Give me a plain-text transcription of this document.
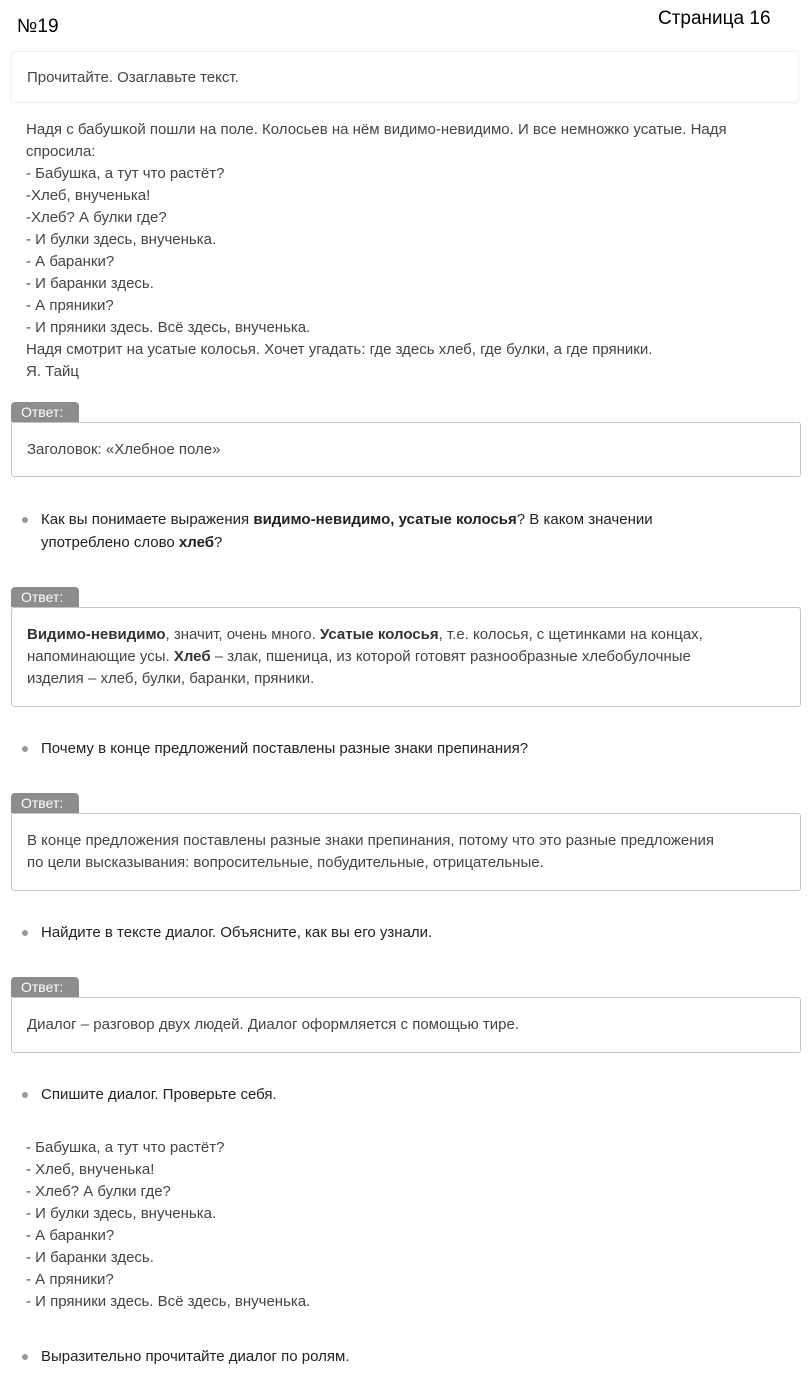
№19	Страница 16
Прочитайте. Озаглавьте текст.
Надя с бабушкой пошли на поле. Колосьев на нём видимо-невидимо. И все немножко усатые. Надя
спросила:
- Бабушка, а тут что растёт?
-Хлеб, внученька!
-Хлеб? А булки где?
- И булки здесь, внученька.
- А баранки?
- И баранки здесь.
- А пряники?
- И пряники здесь. Всё здесь, внученька.
Надя смотрит на усатые колосья. Хочет угадать: где здесь хлеб, где булки, а где пряники.
Я. Тайц
Ответ:
Заголовок: «Хлебное поле»
Как вы понимаете выражения видимо-невидимо, усатые колосья? В каком значении
употреблено слово хлеб?
Ответ:
Видимо-невидимо, значит, очень много. Усатые колосья, т.е. колосья, с щетинками на концах,
напоминающие усы. Хлеб – злак, пшеница, из которой готовят разнообразные хлебобулочные
изделия – хлеб, булки, баранки, пряники.
Почему в конце предложений поставлены разные знаки препинания?
Ответ:
В конце предложения поставлены разные знаки препинания, потому что это разные предложения
по цели высказывания: вопросительные, побудительные, отрицательные.
Найдите в тексте диалог. Объясните, как вы его узнали.
Ответ:
Диалог – разговор двух людей. Диалог оформляется с помощью тире.
Спишите диалог. Проверьте себя.
- Бабушка, а тут что растёт?
- Хлеб, внученька!
- Хлеб? А булки где?
- И булки здесь, внученька.
- А баранки?
- И баранки здесь.
- А пряники?
- И пряники здесь. Всё здесь, внученька.
Выразительно прочитайте диалог по ролям.
